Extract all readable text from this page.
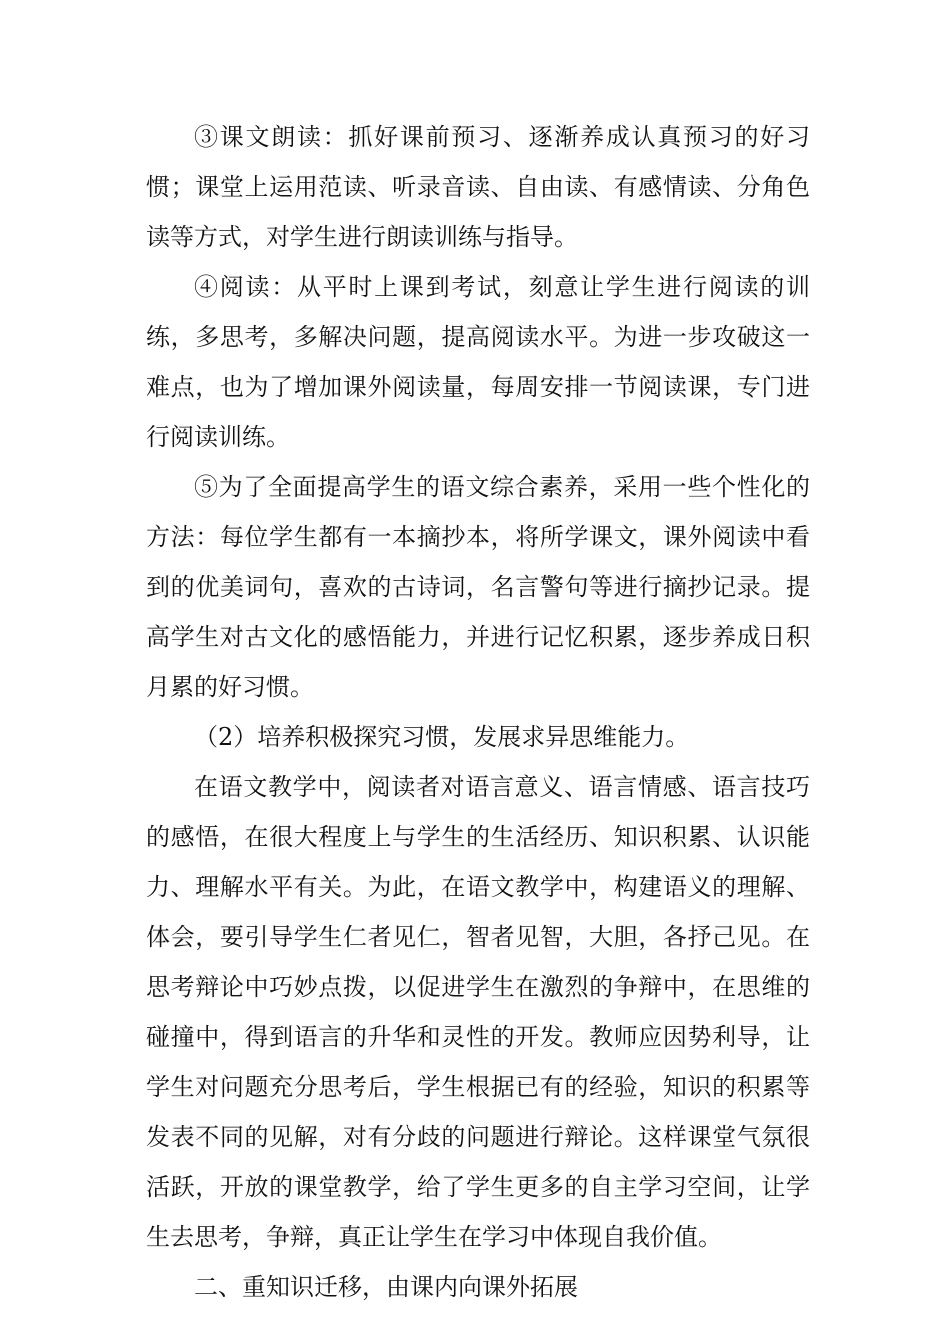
③课文朗读：抓好课前预习、逐渐养成认真预习的好习惯；课堂上运用范读、听录音读、自由读、有感情读、分角色读等方式，对学生进行朗读训练与指导。

④阅读：从平时上课到考试，刻意让学生进行阅读的训练，多思考，多解决问题，提高阅读水平。为进一步攻破这一难点，也为了增加课外阅读量，每周安排一节阅读课，专门进行阅读训练。

⑤为了全面提高学生的语文综合素养，采用一些个性化的方法：每位学生都有一本摘抄本，将所学课文，课外阅读中看到的优美词句，喜欢的古诗词，名言警句等进行摘抄记录。提高学生对古文化的感悟能力，并进行记忆积累，逐步养成日积月累的好习惯。

（2）培养积极探究习惯，发展求异思维能力。

在语文教学中，阅读者对语言意义、语言情感、语言技巧的感悟，在很大程度上与学生的生活经历、知识积累、认识能力、理解水平有关。为此，在语文教学中，构建语义的理解、体会，要引导学生仁者见仁，智者见智，大胆，各抒己见。在思考辩论中巧妙点拨，以促进学生在激烈的争辩中，在思维的碰撞中，得到语言的升华和灵性的开发。教师应因势利导，让学生对问题充分思考后，学生根据已有的经验，知识的积累等发表不同的见解，对有分歧的问题进行辩论。这样课堂气氛很活跃，开放的课堂教学，给了学生更多的自主学习空间，让学生去思考，争辩，真正让学生在学习中体现自我价值。

二、重知识迁移，由课内向课外拓展
